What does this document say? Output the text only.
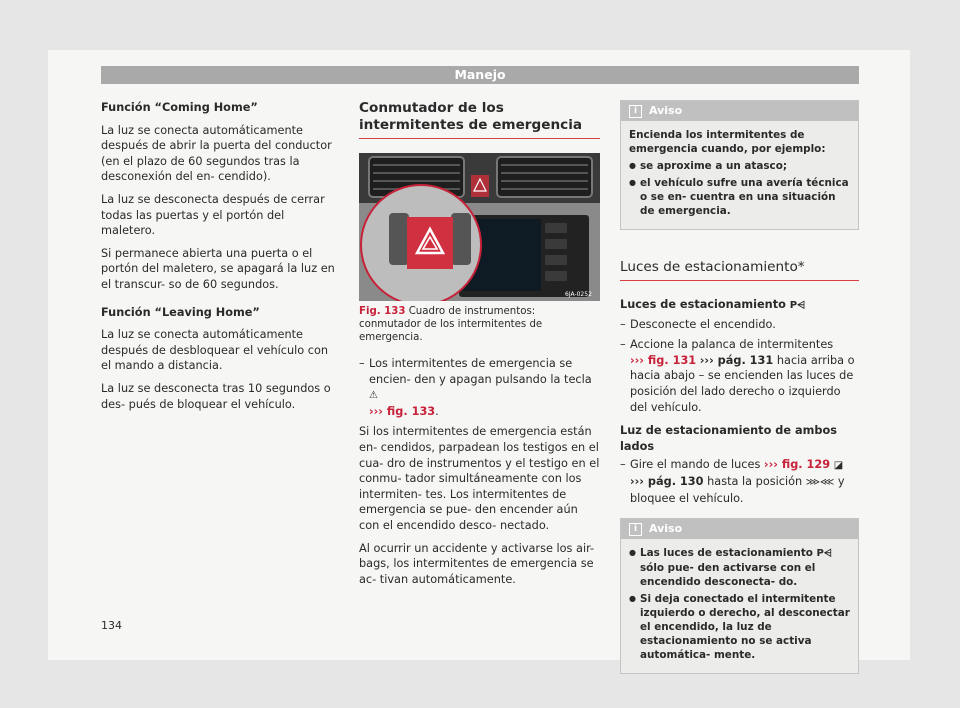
Manejo

Función “Coming Home”

La luz se conecta automáticamente después de abrir la puerta del conductor (en el plazo de 60 segundos tras la desconexión del en- cendido).

La luz se desconecta después de cerrar todas las puertas y el portón del maletero.

Si permanece abierta una puerta o el portón del maletero, se apagará la luz en el transcur- so de 60 segundos.

Función “Leaving Home”

La luz se conecta automáticamente después de desbloquear el vehículo con el mando a distancia.

La luz se desconecta tras 10 segundos o des- pués de bloquear el vehículo.

Conmutador de los intermitentes de emergencia
6JA-0252

Fig. 133 Cuadro de instrumentos: conmutador de los intermitentes de emergencia.

– Los intermitentes de emergencia se encien- den y apagan pulsando la tecla ⚠
››› fig. 133.

Si los intermitentes de emergencia están en- cendidos, parpadean los testigos en el cua- dro de instrumentos y el testigo en el conmu- tador simultáneamente con los intermiten- tes. Los intermitentes de emergencia se pue- den encender aún con el encendido desco- nectado.

Al ocurrir un accidente y activarse los air- bags, los intermitentes de emergencia se ac- tivan automáticamente.

i	Aviso

Encienda los intermitentes de emergencia cuando, por ejemplo:

● se aproxime a un atasco;
● el vehículo sufre una avería técnica o se en- cuentra en una situación de emergencia.
Luces de estacionamiento*

Luces de estacionamiento P⩤

– Desconecte el encendido.
– Accione la palanca de intermitentes
››› fig. 131 ››› pág. 131 hacia arriba o hacia abajo – se encienden las luces de posición del lado derecho o izquierdo del vehículo.

Luz de estacionamiento de ambos lados

– Gire el mando de luces ››› fig. 129 ◪
››› pág. 130 hasta la posición ⋙⋘ y bloquee el vehículo.
i	Aviso
● Las luces de estacionamiento P⩤ sólo pue- den activarse con el encendido desconecta- do.
● Si deja conectado el intermitente izquierdo o derecho, al desconectar el encendido, la luz de estacionamiento no se activa automática- mente.
134
